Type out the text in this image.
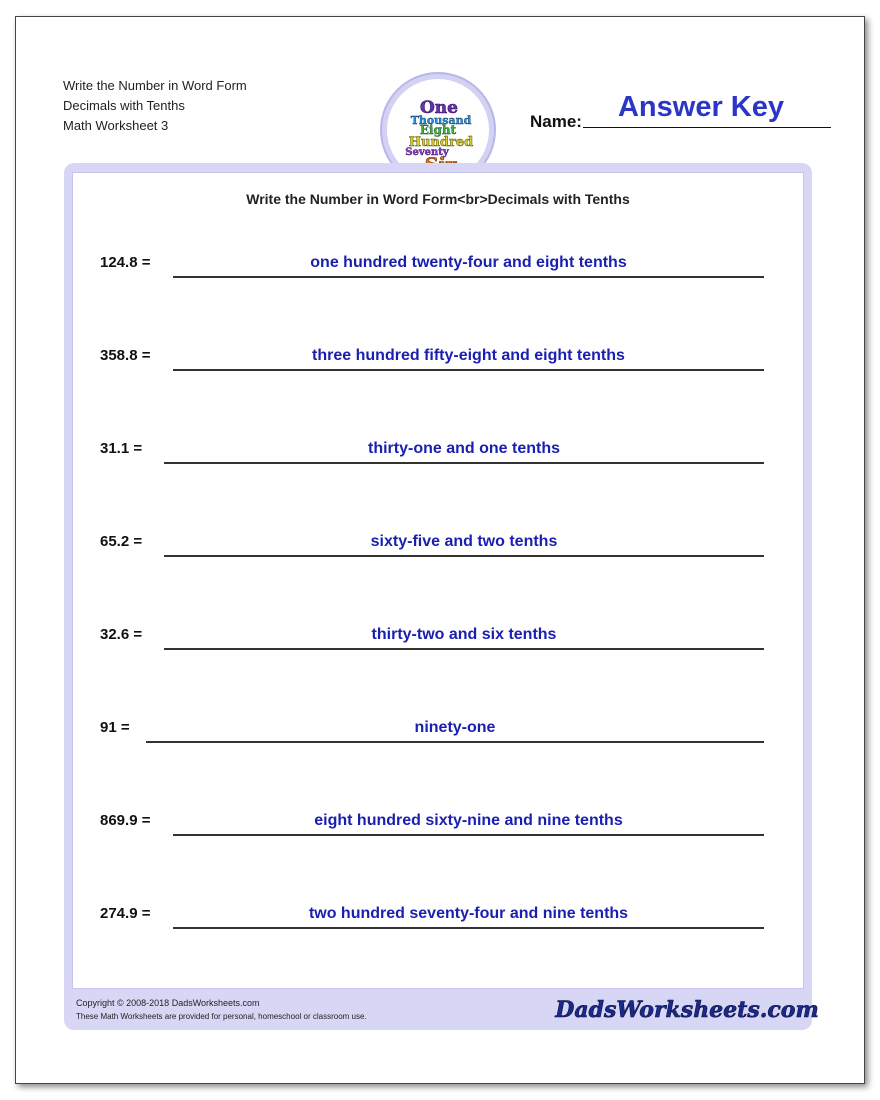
Write the Number in Word Form
Decimals with Tenths
Math Worksheet 3
One
Thousand
Eight
Hundred
Seventy
Name:	Answer Key
Write the Number in Word Form<br>Decimals with Tenths
124.8 =	one hundred twenty-four and eight tenths
358.8 =	three hundred fifty-eight and eight tenths
31.1 =	thirty-one and one tenths
65.2 =	sixty-five and two tenths
32.6 =	thirty-two and six tenths
91 =	ninety-one
869.9 =	eight hundred sixty-nine and nine tenths
274.9 =	two hundred seventy-four and nine tenths
Copyright © 2008-2018 DadsWorksheets.com
These Math Worksheets are provided for personal, homeschool or classroom use.	DadsWorksheets.com
